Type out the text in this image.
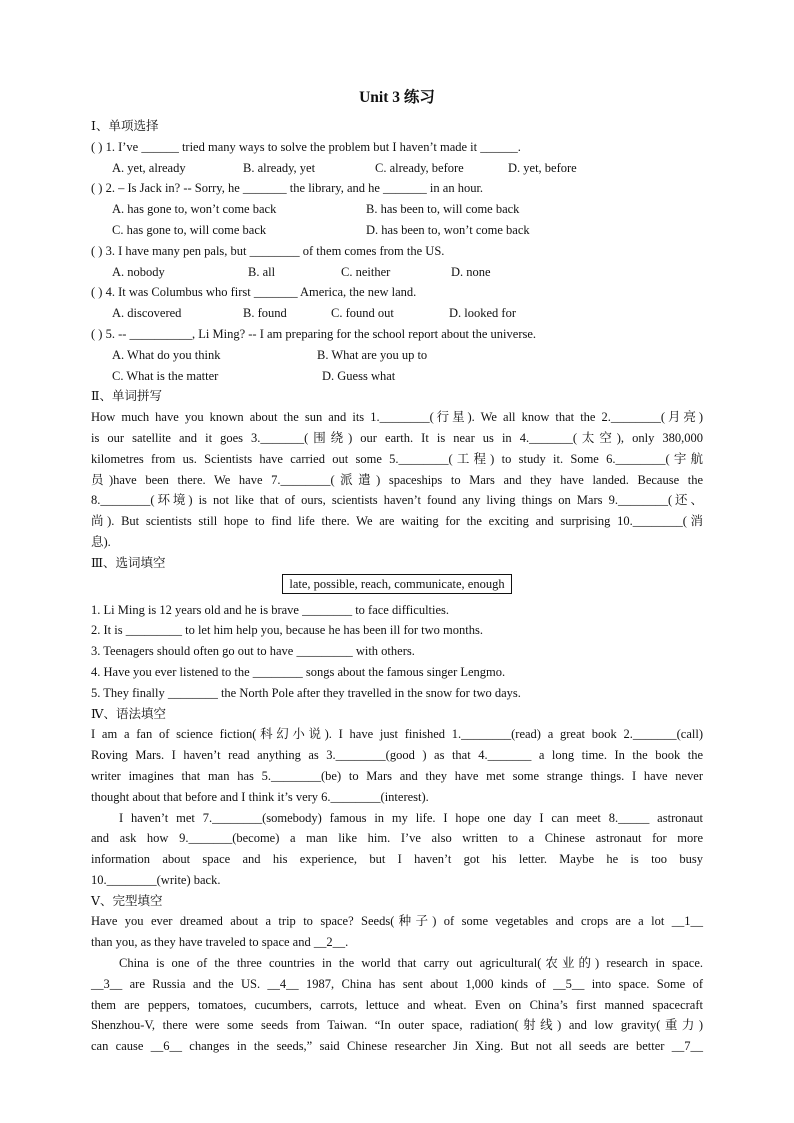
Unit 3 练习
Ⅰ、单项选择
( ) 1. I’ve ______ tried many ways to solve the problem but I haven’t made it ______.
A. yet, already	B. already, yet	C. already, before	D. yet, before
( ) 2. – Is Jack in? -- Sorry, he _______ the library, and he _______ in an hour.
A. has gone to, won’t come back	B. has been to, will come back
C. has gone to, will come back	D. has been to, won’t come back
( ) 3. I have many pen pals, but ________ of them comes from the US.
A. nobody	B. all	C. neither	D. none
( ) 4. It was Columbus who first _______ America, the new land.
A. discovered	B. found	C. found out	D. looked for
( ) 5. -- __________, Li Ming? -- I am preparing for the school report about the universe.
A. What do you think	B. What are you up to
C. What is the matter	D. Guess what
Ⅱ、单词拼写
How much have you known about the sun and its 1.________(行星). We all know that the 2.________(月亮)
is our satellite and it goes 3._______(围绕) our earth. It is near us in 4._______(太空), only 380,000
kilometres from us. Scientists have carried out some 5.________(工程) to study it. Some 6.________(宇航
员)have been there. We have 7.________(派遣) spaceships to Mars and they have landed. Because the
8.________(环境) is not like that of ours, scientists haven’t found any living things on Mars 9.________(还、
尚). But scientists still hope to find life there. We are waiting for the exciting and surprising 10.________(消
息).
Ⅲ、选词填空
late, possible, reach, communicate, enough
1. Li Ming is 12 years old and he is brave ________ to face difficulties.
2. It is _________ to let him help you, because he has been ill for two months.
3. Teenagers should often go out to have _________ with others.
4. Have you ever listened to the ________ songs about the famous singer Lengmo.
5. They finally ________ the North Pole after they travelled in the snow for two days.
Ⅳ、语法填空
I am a fan of science fiction(科幻小说). I have just finished 1.________(read) a great book 2._______(call)
Roving Mars. I haven’t read anything as 3.________(good ) as that 4._______ a long time. In the book the
writer imagines that man has 5.________(be) to Mars and they have met some strange things. I have never
thought about that before and I think it’s very 6.________(interest).
I haven’t met 7.________(somebody) famous in my life. I hope one day I can meet 8._____ astronaut
and ask how 9._______(become) a man like him. I’ve also written to a Chinese astronaut for more
information about space and his experience, but I haven’t got his letter. Maybe he is too busy
10.________(write) back.
Ⅴ、完型填空
Have you ever dreamed about a trip to space? Seeds(种子) of some vegetables and crops are a lot __1__
than you, as they have traveled to space and __2__.
China is one of the three countries in the world that carry out agricultural(农业的) research in space.
__3__ are Russia and the US. __4__ 1987, China has sent about 1,000 kinds of __5__ into space. Some of
them are peppers, tomatoes, cucumbers, carrots, lettuce and wheat. Even on China’s first manned spacecraft
Shenzhou-V, there were some seeds from Taiwan. “In outer space, radiation(射线) and low gravity(重力)
can cause __6__ changes in the seeds,” said Chinese researcher Jin Xing. But not all seeds are better __7__
